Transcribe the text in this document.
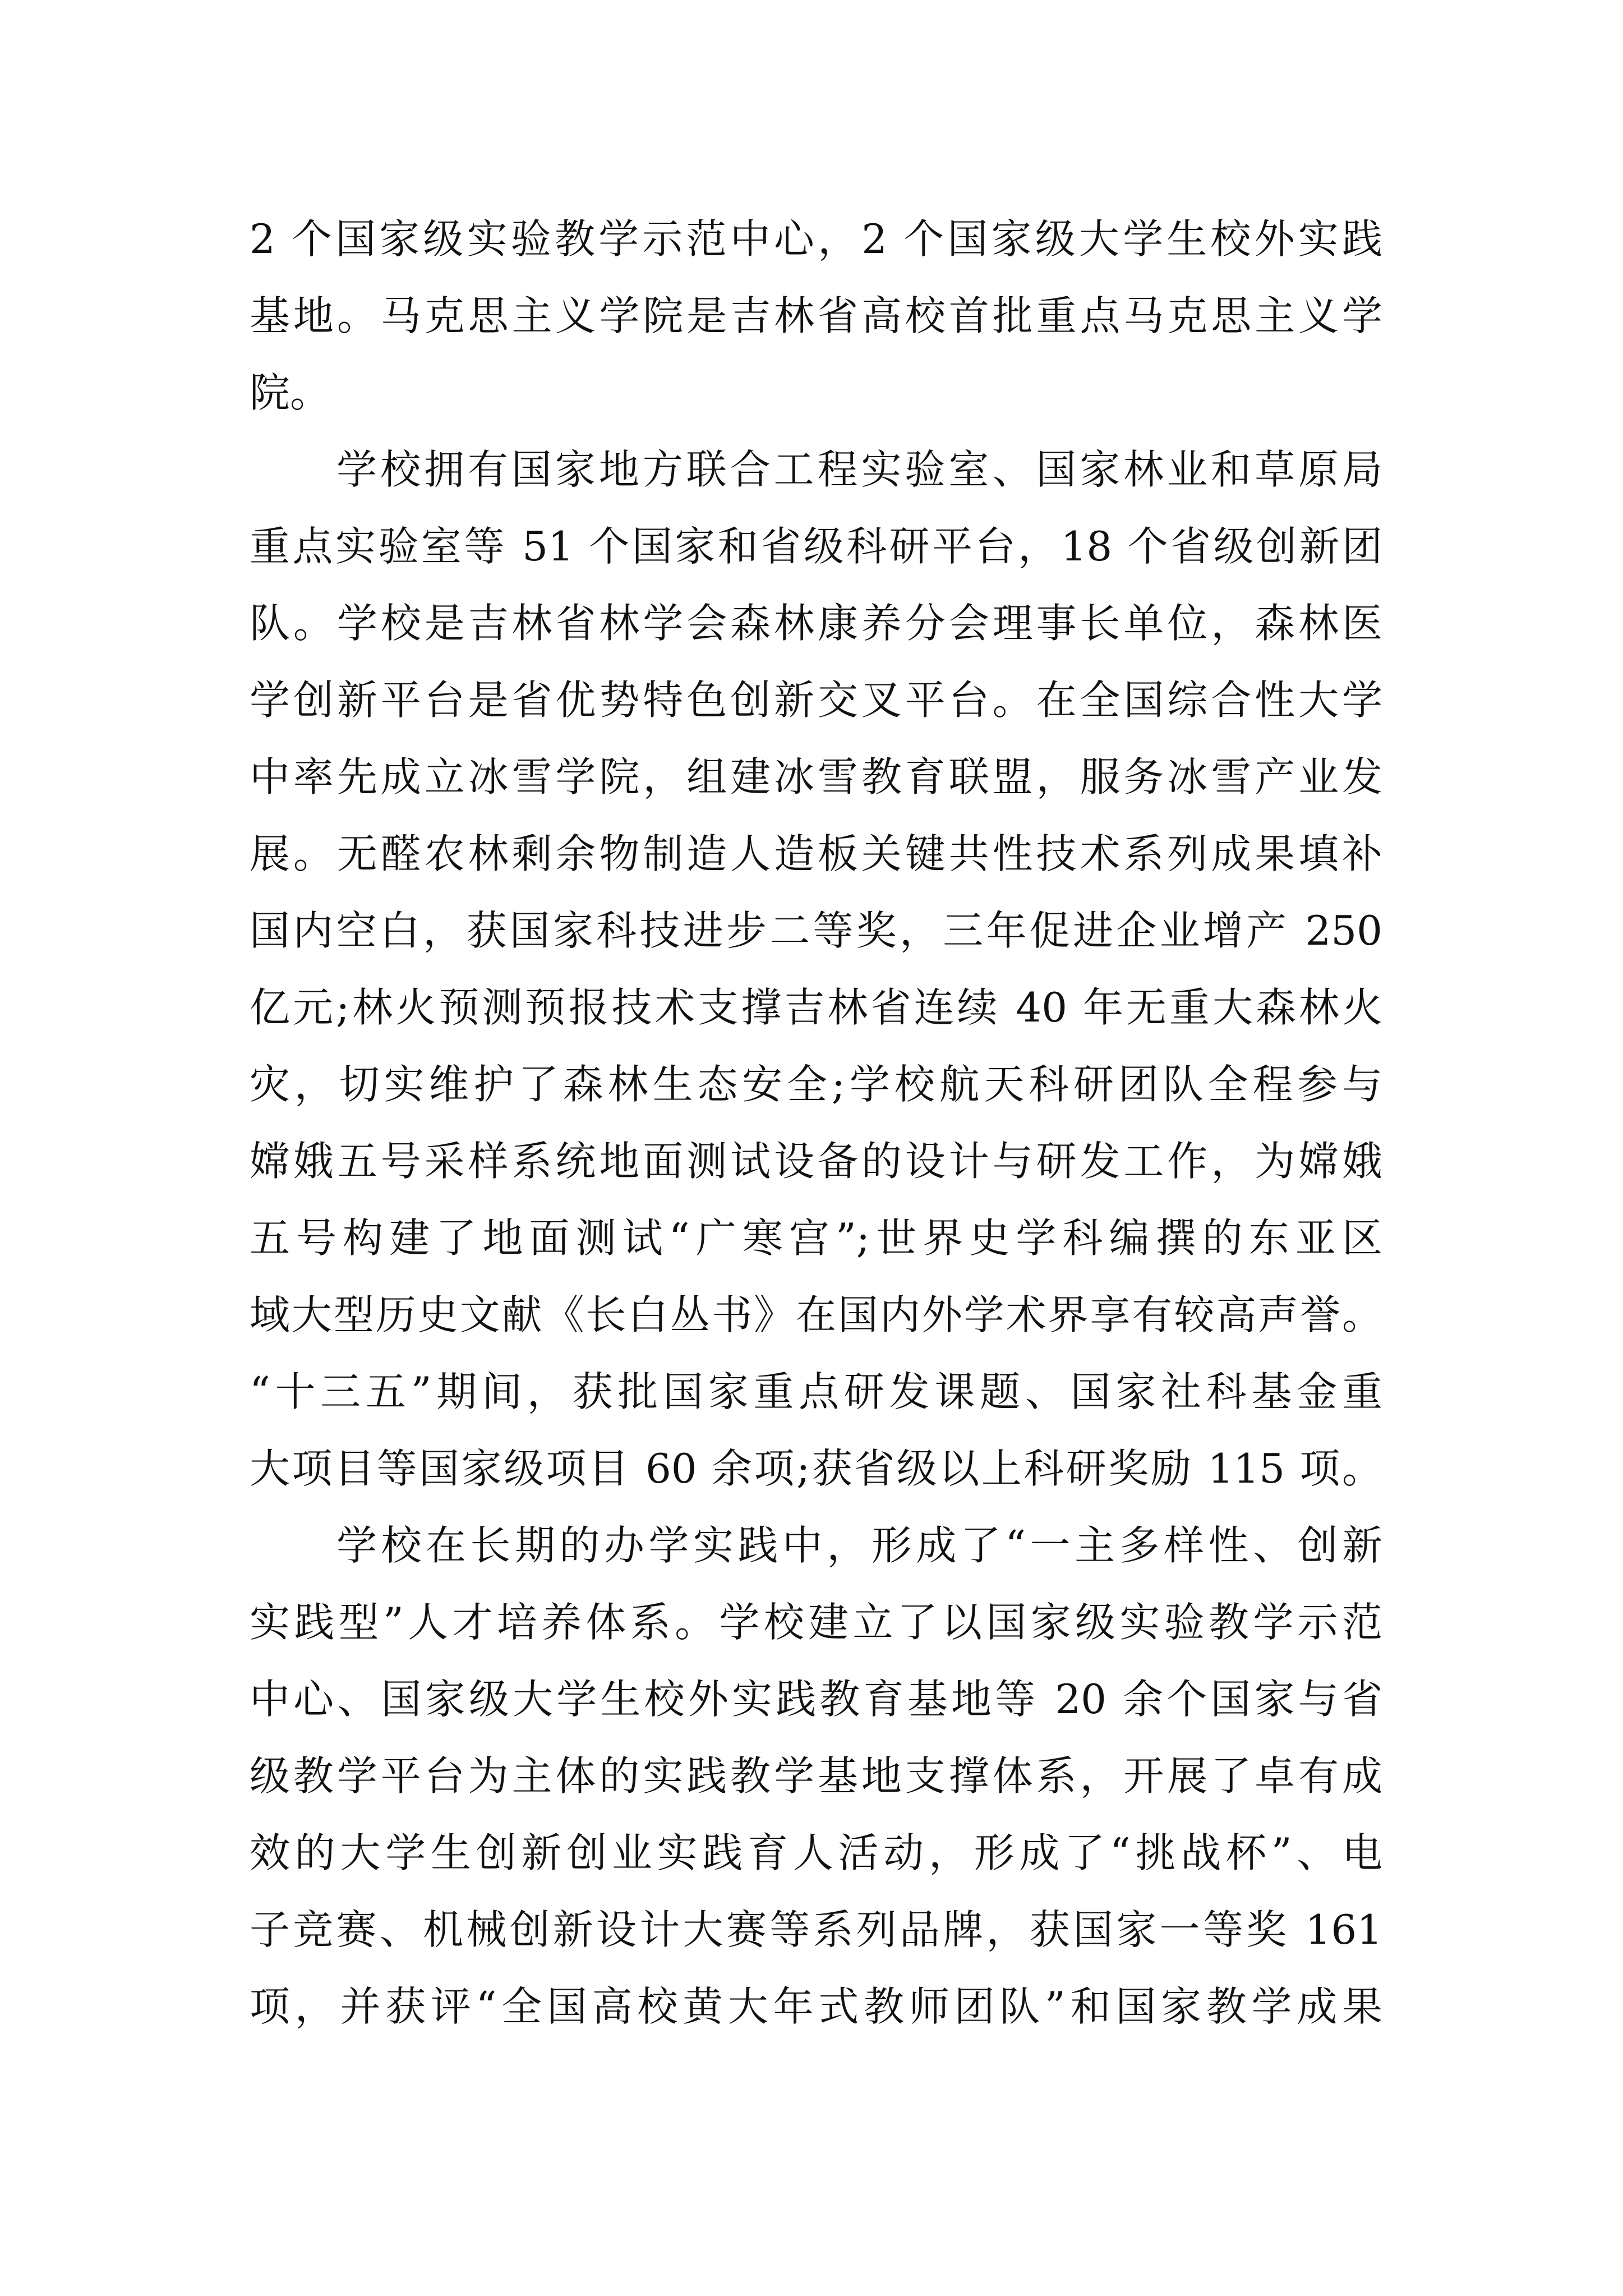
2 个国家级实验教学示范中心，2 个国家级大学生校外实践
基地。马克思主义学院是吉林省高校首批重点马克思主义学
院。
学校拥有国家地方联合工程实验室、国家林业和草原局
重点实验室等 51 个国家和省级科研平台，18 个省级创新团
队。学校是吉林省林学会森林康养分会理事长单位，森林医
学创新平台是省优势特色创新交叉平台。在全国综合性大学
中率先成立冰雪学院，组建冰雪教育联盟，服务冰雪产业发
展。无醛农林剩余物制造人造板关键共性技术系列成果填补
国内空白，获国家科技进步二等奖，三年促进企业增产 250
亿元;林火预测预报技术支撑吉林省连续 40 年无重大森林火
灾，切实维护了森林生态安全;学校航天科研团队全程参与
嫦娥五号采样系统地面测试设备的设计与研发工作，为嫦娥
五号构建了地面测试“广寒宫”;世界史学科编撰的东亚区
域大型历史文献《长白丛书》在国内外学术界享有较高声誉。
“十三五”期间，获批国家重点研发课题、国家社科基金重
大项目等国家级项目 60 余项;获省级以上科研奖励 115 项。
学校在长期的办学实践中，形成了“一主多样性、创新
实践型”人才培养体系。学校建立了以国家级实验教学示范
中心、国家级大学生校外实践教育基地等 20 余个国家与省
级教学平台为主体的实践教学基地支撑体系，开展了卓有成
效的大学生创新创业实践育人活动，形成了“挑战杯”、电
子竞赛、机械创新设计大赛等系列品牌，获国家一等奖 161
项，并获评“全国高校黄大年式教师团队”和国家教学成果
